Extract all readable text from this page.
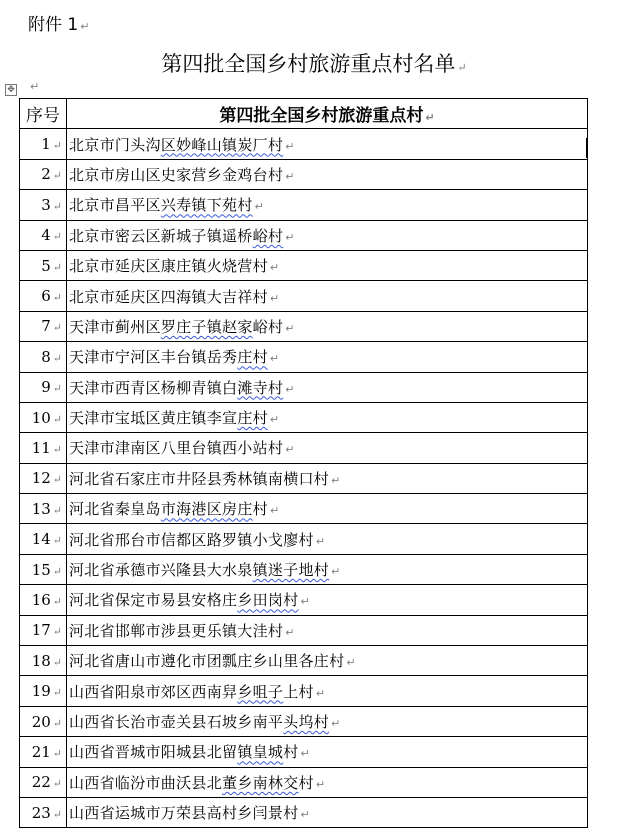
附件 1 ↵
第四批全国乡村旅游重点村名单 ↵
✥ ↵
序号	第四批全国乡村旅游重点村 ↵
1 ↵	北京市门头沟区妙峰山镇炭厂村 ↵
2 ↵	北京市房山区史家营乡金鸡台村 ↵
3 ↵	北京市昌平区兴寿镇下苑村 ↵
4 ↵	北京市密云区新城子镇遥桥峪村 ↵
5 ↵	北京市延庆区康庄镇火烧营村 ↵
6 ↵	北京市延庆区四海镇大吉祥村 ↵
7 ↵	天津市蓟州区罗庄子镇赵家峪村 ↵
8 ↵	天津市宁河区丰台镇岳秀庄村 ↵
9 ↵	天津市西青区杨柳青镇白滩寺村 ↵
10 ↵	天津市宝坻区黄庄镇李宣庄村 ↵
11 ↵	天津市津南区八里台镇西小站村 ↵
12 ↵	河北省石家庄市井陉县秀林镇南横口村 ↵
13 ↵	河北省秦皇岛市海港区房庄村 ↵
14 ↵	河北省邢台市信都区路罗镇小戈廖村 ↵
15 ↵	河北省承德市兴隆县大水泉镇迷子地村 ↵
16 ↵	河北省保定市易县安格庄乡田岗村 ↵
17 ↵	河北省邯郸市涉县更乐镇大洼村 ↵
18 ↵	河北省唐山市遵化市团瓢庄乡山里各庄村 ↵
19 ↵	山西省阳泉市郊区西南舁乡咀子上村 ↵
20 ↵	山西省长治市壶关县石坡乡南平头坞村 ↵
21 ↵	山西省晋城市阳城县北留镇皇城村 ↵
22 ↵	山西省临汾市曲沃县北董乡南林交村 ↵
23 ↵	山西省运城市万荣县高村乡闫景村 ↵
